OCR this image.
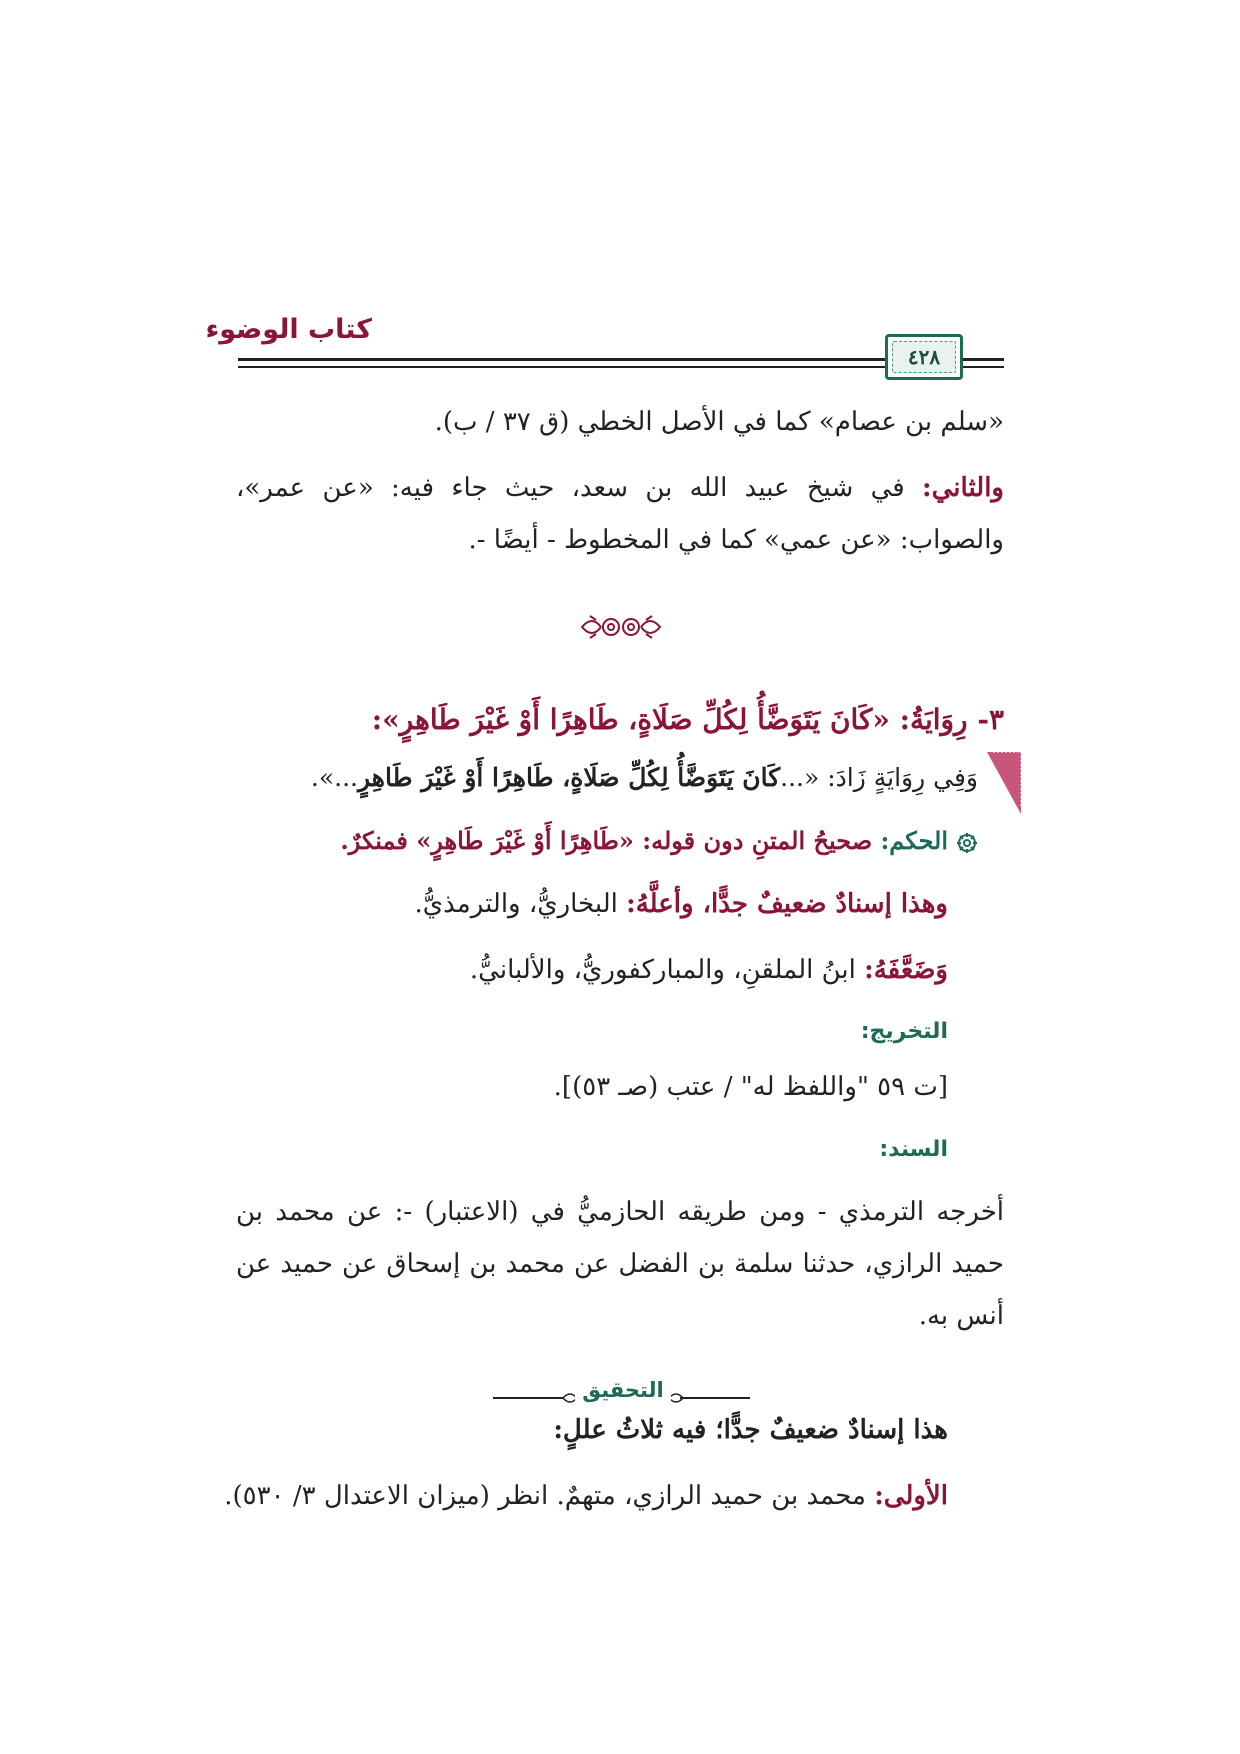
كتاب الوضوء
٤٢٨
«سلم بن عصام» كما في الأصل الخطي (ق ٣٧ / ب).
والثاني: في شيخ عبيد الله بن سعد، حيث جاء فيه: «عن عمر»،
والصواب: «عن عمي» كما في المخطوط - أيضًا -.
٣- رِوَايَةُ: «كَانَ يَتَوَضَّأُ لِكُلِّ صَلَاةٍ، طَاهِرًا أَوْ غَيْرَ طَاهِرٍ»:
وَفِي رِوَايَةٍ زَادَ: «...كَانَ يَتَوَضَّأُ لِكُلِّ صَلَاةٍ، طَاهِرًا أَوْ غَيْرَ طَاهِرٍ...».
الحكم: صحيحُ المتنِ دون قوله: «طَاهِرًا أَوْ غَيْرَ طَاهِرٍ» فمنكرٌ.
وهذا إسنادٌ ضعيفٌ جدًّا، وأعلَّهُ: البخاريُّ، والترمذيُّ.
وَضَعَّفَهُ: ابنُ الملقنِ، والمباركفوريُّ، والألبانيُّ.
التخريج:
[ت ٥٩ "واللفظ له" / عتب (صـ ٥٣)].
السند:
أخرجه الترمذي - ومن طريقه الحازميُّ في (الاعتبار) -: عن محمد بن
حميد الرازي، حدثنا سلمة بن الفضل عن محمد بن إسحاق عن حميد عن
أنس به.
التحقيق
هذا إسنادٌ ضعيفٌ جدًّا؛ فيه ثلاثُ عللٍ:
الأولى: محمد بن حميد الرازي، متهمٌ. انظر (ميزان الاعتدال ٣/ ٥٣٠).
